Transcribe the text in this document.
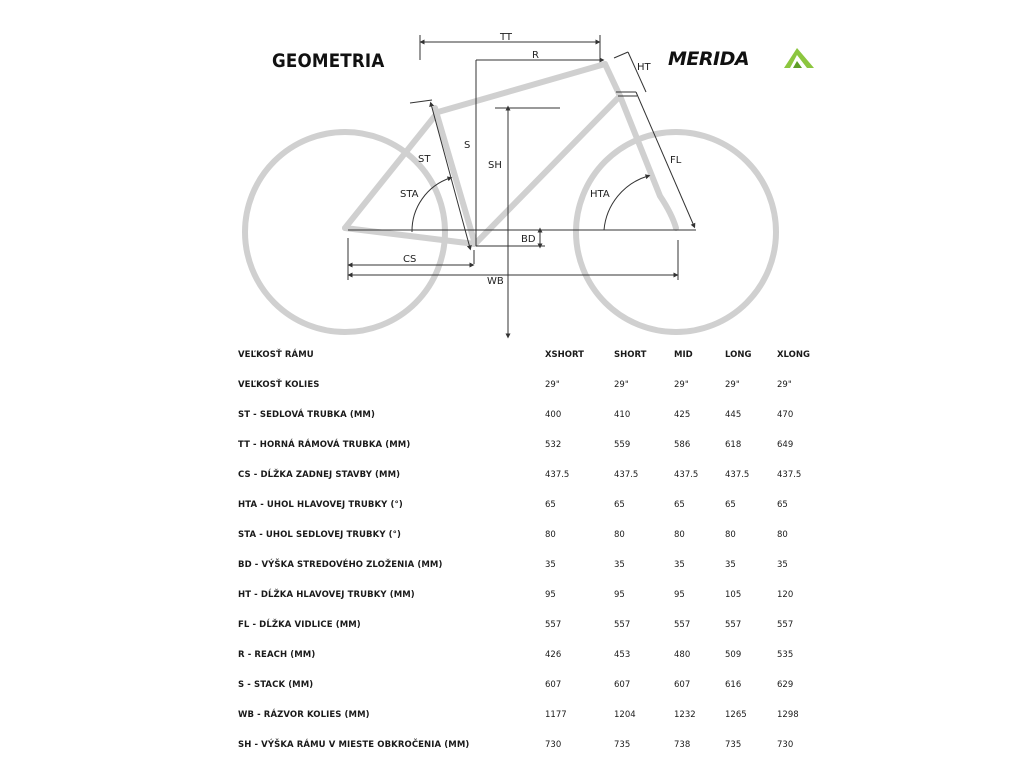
GEOMETRIA	MERIDA
TT
R
HT
S
ST
SH	FL
STA	HTA
BD
CS
WB
VEĽKOSŤ RÁMU	XSHORT	SHORT	MID	LONG	XLONG
VEĽKOSŤ KOLIES	29"	29"	29"	29"	29"
ST - SEDLOVÁ TRUBKA (MM)	400	410	425	445	470
TT - HORNÁ RÁMOVÁ TRUBKA (MM)	532	559	586	618	649
CS - DĹŽKA ZADNEJ STAVBY (MM)	437.5	437.5	437.5	437.5	437.5
HTA - UHOL HLAVOVEJ TRUBKY (°)	65	65	65	65	65
STA - UHOL SEDLOVEJ TRUBKY (°)	80	80	80	80	80
BD - VÝŠKA STREDOVÉHO ZLOŽENIA (MM)	35	35	35	35	35
HT - DĹŽKA HLAVOVEJ TRUBKY (MM)	95	95	95	105	120
FL - DĹŽKA VIDLICE (MM)	557	557	557	557	557
R - REACH (MM)	426	453	480	509	535
S - STACK (MM)	607	607	607	616	629
WB - RÁZVOR KOLIES (MM)	1177	1204	1232	1265	1298
SH - VÝŠKA RÁMU V MIESTE OBKROČENIA (MM)	730	735	738	735	730
